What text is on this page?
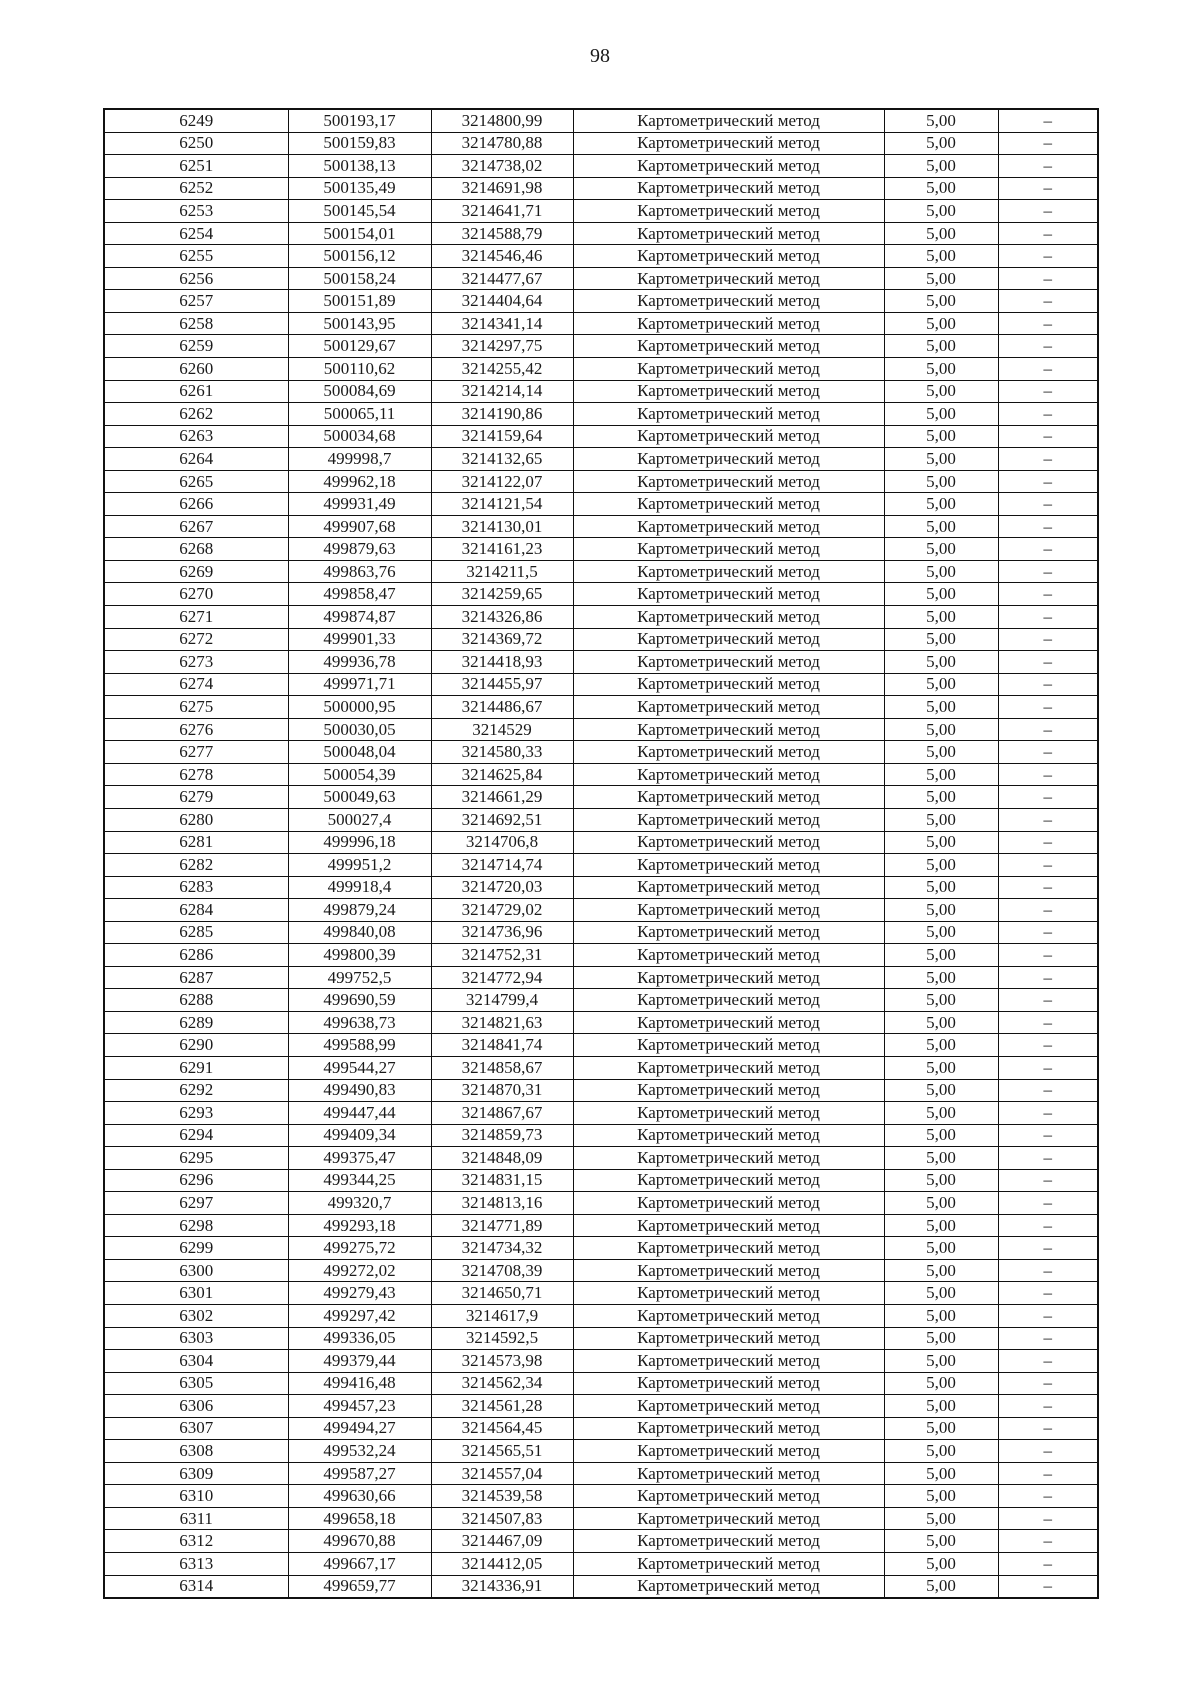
98
6249	500193,17	3214800,99	Картометрический метод	5,00	–
6250	500159,83	3214780,88	Картометрический метод	5,00	–
6251	500138,13	3214738,02	Картометрический метод	5,00	–
6252	500135,49	3214691,98	Картометрический метод	5,00	–
6253	500145,54	3214641,71	Картометрический метод	5,00	–
6254	500154,01	3214588,79	Картометрический метод	5,00	–
6255	500156,12	3214546,46	Картометрический метод	5,00	–
6256	500158,24	3214477,67	Картометрический метод	5,00	–
6257	500151,89	3214404,64	Картометрический метод	5,00	–
6258	500143,95	3214341,14	Картометрический метод	5,00	–
6259	500129,67	3214297,75	Картометрический метод	5,00	–
6260	500110,62	3214255,42	Картометрический метод	5,00	–
6261	500084,69	3214214,14	Картометрический метод	5,00	–
6262	500065,11	3214190,86	Картометрический метод	5,00	–
6263	500034,68	3214159,64	Картометрический метод	5,00	–
6264	499998,7	3214132,65	Картометрический метод	5,00	–
6265	499962,18	3214122,07	Картометрический метод	5,00	–
6266	499931,49	3214121,54	Картометрический метод	5,00	–
6267	499907,68	3214130,01	Картометрический метод	5,00	–
6268	499879,63	3214161,23	Картометрический метод	5,00	–
6269	499863,76	3214211,5	Картометрический метод	5,00	–
6270	499858,47	3214259,65	Картометрический метод	5,00	–
6271	499874,87	3214326,86	Картометрический метод	5,00	–
6272	499901,33	3214369,72	Картометрический метод	5,00	–
6273	499936,78	3214418,93	Картометрический метод	5,00	–
6274	499971,71	3214455,97	Картометрический метод	5,00	–
6275	500000,95	3214486,67	Картометрический метод	5,00	–
6276	500030,05	3214529	Картометрический метод	5,00	–
6277	500048,04	3214580,33	Картометрический метод	5,00	–
6278	500054,39	3214625,84	Картометрический метод	5,00	–
6279	500049,63	3214661,29	Картометрический метод	5,00	–
6280	500027,4	3214692,51	Картометрический метод	5,00	–
6281	499996,18	3214706,8	Картометрический метод	5,00	–
6282	499951,2	3214714,74	Картометрический метод	5,00	–
6283	499918,4	3214720,03	Картометрический метод	5,00	–
6284	499879,24	3214729,02	Картометрический метод	5,00	–
6285	499840,08	3214736,96	Картометрический метод	5,00	–
6286	499800,39	3214752,31	Картометрический метод	5,00	–
6287	499752,5	3214772,94	Картометрический метод	5,00	–
6288	499690,59	3214799,4	Картометрический метод	5,00	–
6289	499638,73	3214821,63	Картометрический метод	5,00	–
6290	499588,99	3214841,74	Картометрический метод	5,00	–
6291	499544,27	3214858,67	Картометрический метод	5,00	–
6292	499490,83	3214870,31	Картометрический метод	5,00	–
6293	499447,44	3214867,67	Картометрический метод	5,00	–
6294	499409,34	3214859,73	Картометрический метод	5,00	–
6295	499375,47	3214848,09	Картометрический метод	5,00	–
6296	499344,25	3214831,15	Картометрический метод	5,00	–
6297	499320,7	3214813,16	Картометрический метод	5,00	–
6298	499293,18	3214771,89	Картометрический метод	5,00	–
6299	499275,72	3214734,32	Картометрический метод	5,00	–
6300	499272,02	3214708,39	Картометрический метод	5,00	–
6301	499279,43	3214650,71	Картометрический метод	5,00	–
6302	499297,42	3214617,9	Картометрический метод	5,00	–
6303	499336,05	3214592,5	Картометрический метод	5,00	–
6304	499379,44	3214573,98	Картометрический метод	5,00	–
6305	499416,48	3214562,34	Картометрический метод	5,00	–
6306	499457,23	3214561,28	Картометрический метод	5,00	–
6307	499494,27	3214564,45	Картометрический метод	5,00	–
6308	499532,24	3214565,51	Картометрический метод	5,00	–
6309	499587,27	3214557,04	Картометрический метод	5,00	–
6310	499630,66	3214539,58	Картометрический метод	5,00	–
6311	499658,18	3214507,83	Картометрический метод	5,00	–
6312	499670,88	3214467,09	Картометрический метод	5,00	–
6313	499667,17	3214412,05	Картометрический метод	5,00	–
6314	499659,77	3214336,91	Картометрический метод	5,00	–
